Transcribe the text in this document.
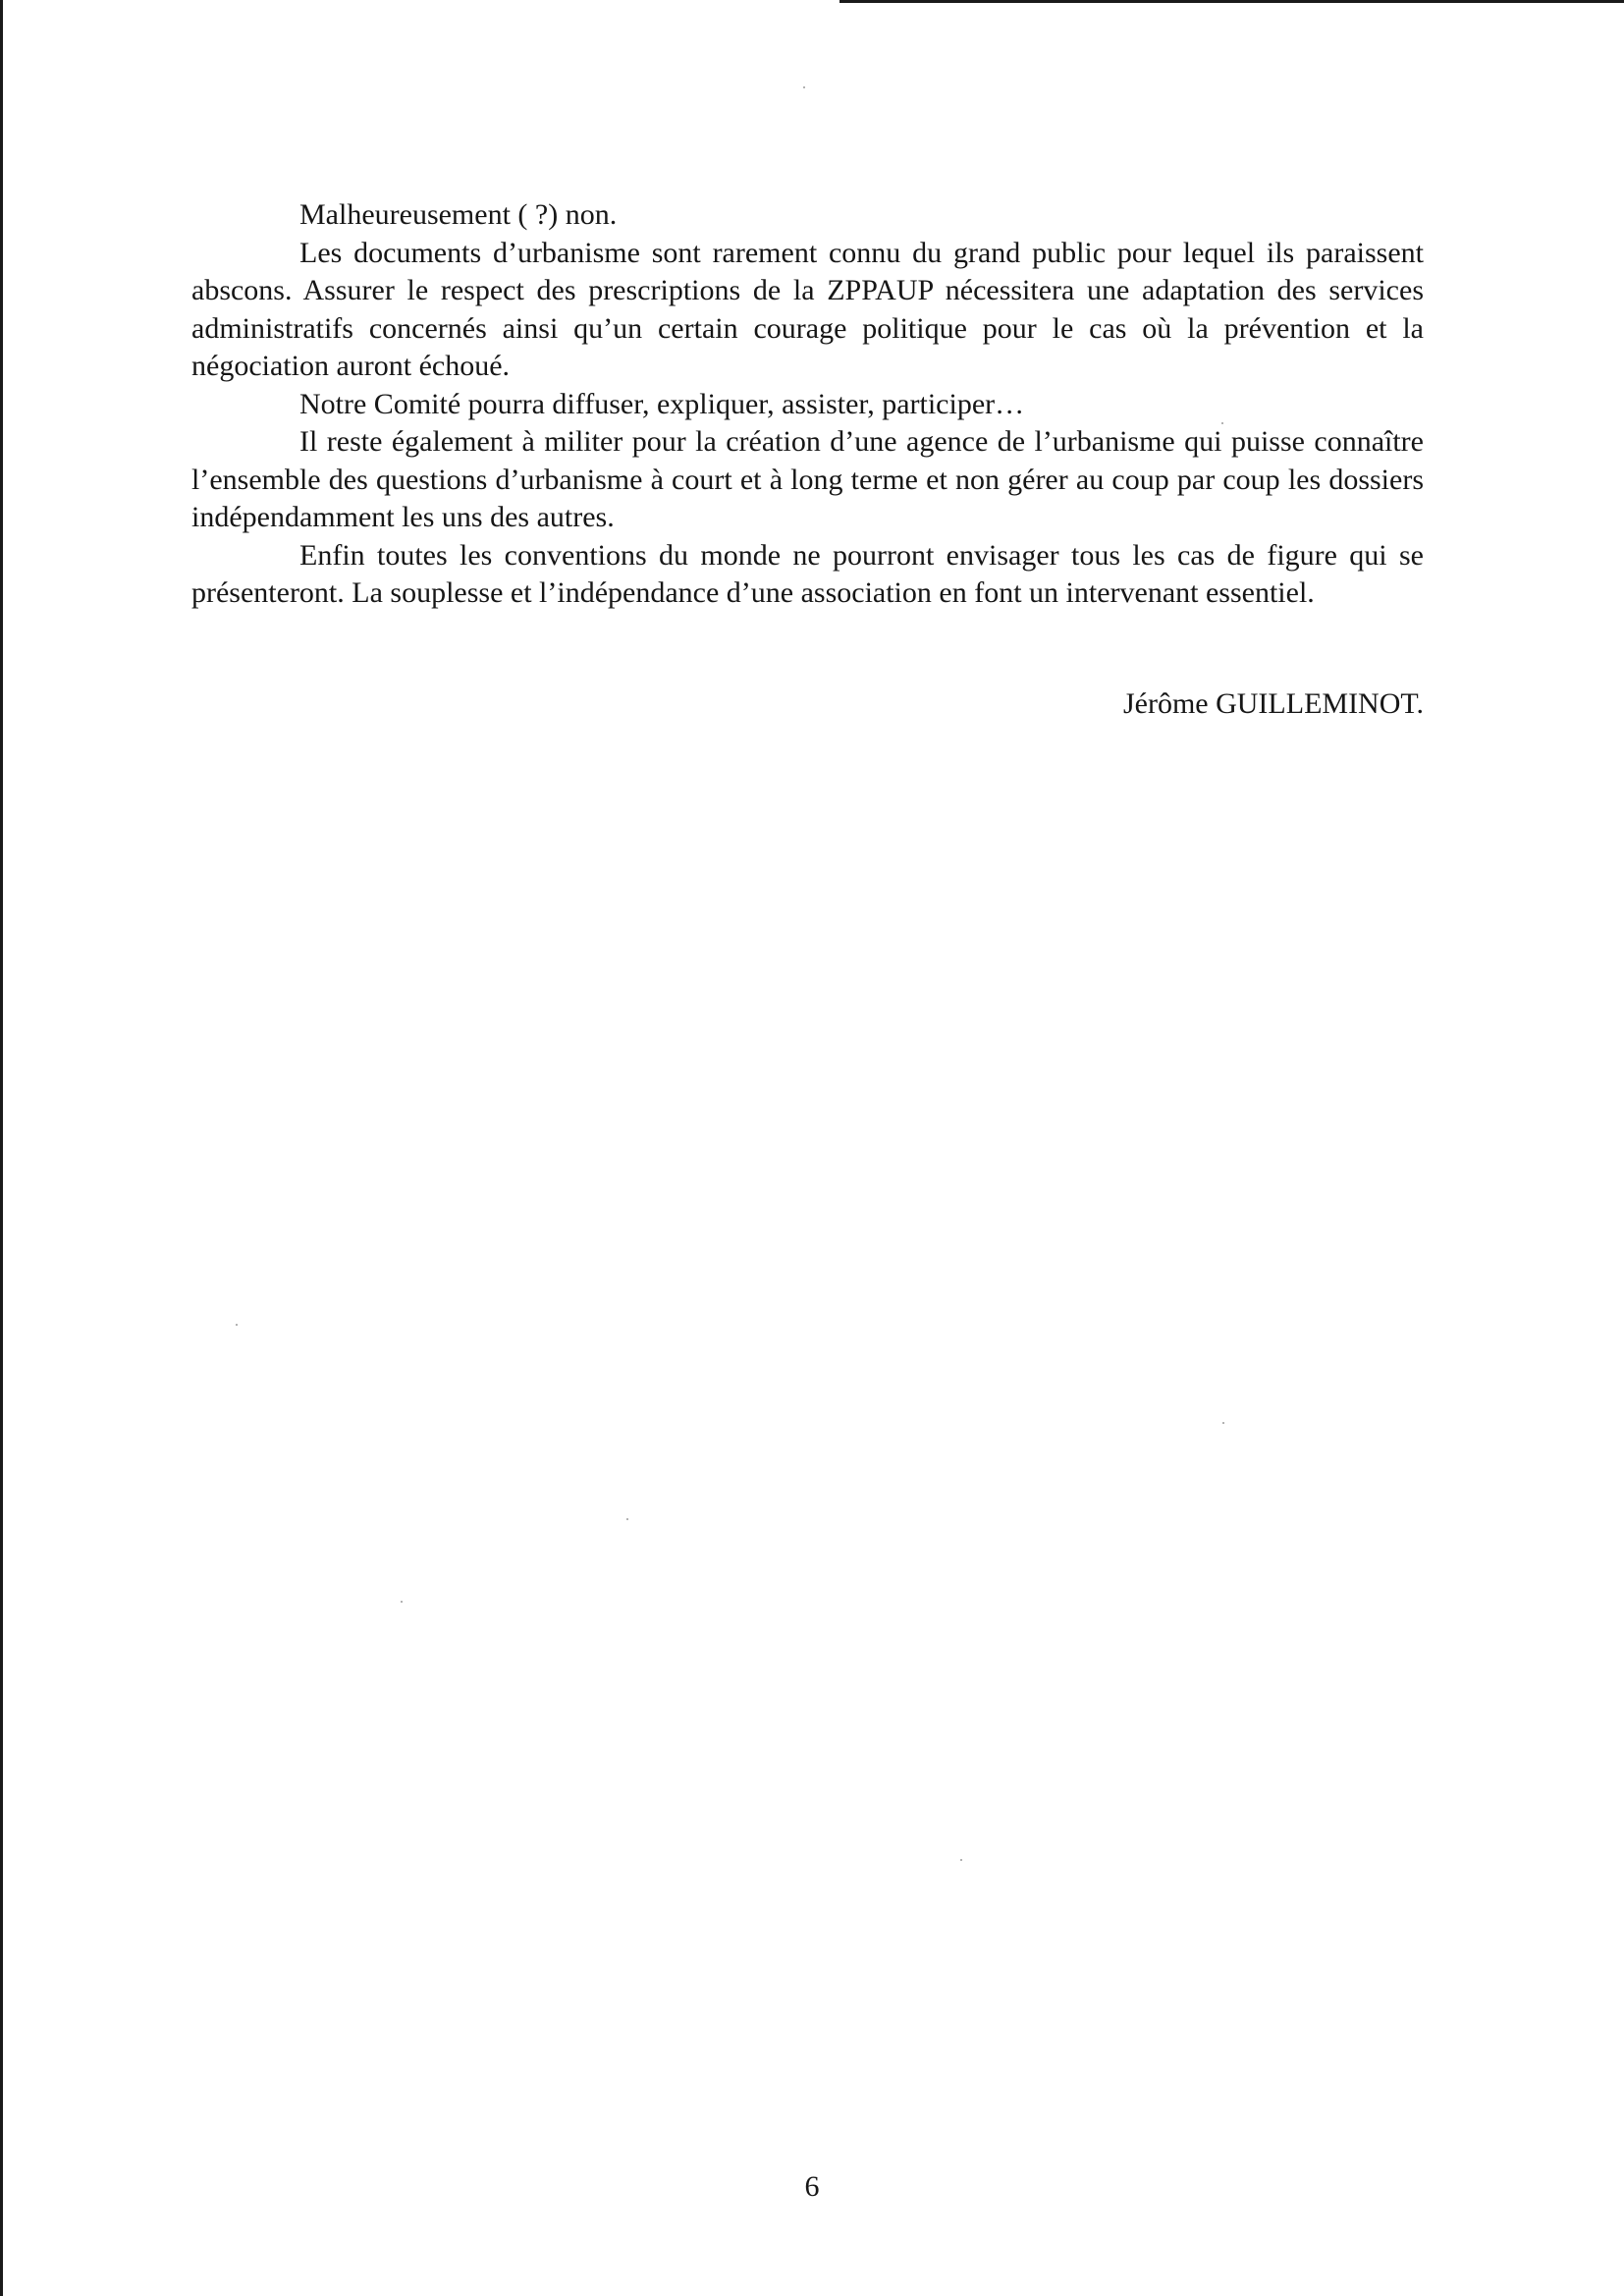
Malheureusement ( ?) non.

Les documents d’urbanisme sont rarement connu du grand public pour lequel ils paraissent abscons. Assurer le respect des prescriptions de la ZPPAUP nécessitera une adaptation des services administratifs concernés ainsi qu’un certain courage politique pour le cas où la prévention et la négociation auront échoué.

Notre Comité pourra diffuser, expliquer, assister, participer…

Il reste également à militer pour la création d’une agence de l’urbanisme qui puisse connaître l’ensemble des questions d’urbanisme à court et à long terme et non gérer au coup par coup les dossiers indépendamment les uns des autres.

Enfin toutes les conventions du monde ne pourront envisager tous les cas de figure qui se présenteront. La souplesse et l’indépendance d’une association en font un intervenant essentiel.

Jérôme GUILLEMINOT.
6
